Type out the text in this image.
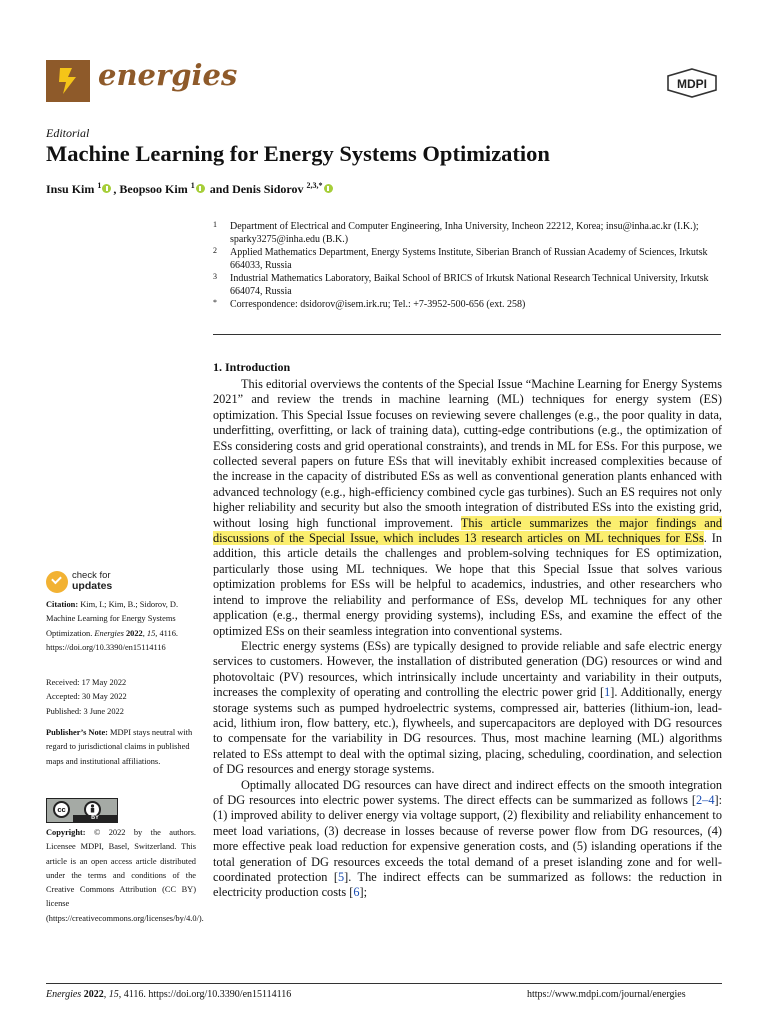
energies	MDPI
Editorial
Machine Learning for Energy Systems Optimization
Insu Kim $^1$ , Beopsoo Kim $^1$ and Denis Sidorov $^{2,3,*}$
1	Department of Electrical and Computer Engineering, Inha University, Incheon 22212, Korea; insu@inha.ac.kr (I.K.); sparky3275@inha.edu (B.K.)
2	Applied Mathematics Department, Energy Systems Institute, Siberian Branch of Russian Academy of Sciences, Irkutsk 664033, Russia
3	Industrial Mathematics Laboratory, Baikal School of BRICS of Irkutsk National Research Technical University, Irkutsk 664074, Russia
*	Correspondence: dsidorov@isem.irk.ru; Tel.: +7-3952-500-656 (ext. 258)
1. Introduction

This editorial overviews the contents of the Special Issue “Machine Learning for Energy Systems 2021” and review the trends in machine learning (ML) techniques for energy system (ES) optimization. This Special Issue focuses on reviewing severe challenges (e.g., the poor quality in data, underfitting, overfitting, or lack of training data), cutting-edge contributions (e.g., the optimization of ESs considering costs and grid operational constraints), and trends in ML for ESs. For this purpose, we collected several papers on future ESs that will inevitably exhibit increased complexities because of the increase in the capacity of distributed ESs as well as conventional generation plants enhanced with advanced technology (e.g., high-efficiency combined cycle gas turbines). Such an ES requires not only higher reliability and security but also the smooth integration of distributed ESs into the existing grid, without losing high functional improvement. This article summarizes the major findings and discussions of the Special Issue, which includes 13 research articles on ML techniques for ESs. In addition, this article details the challenges and problem-solving techniques for ES optimization, particularly those using ML techniques. We hope that this Special Issue that solves various optimization problems for ESs will be helpful to academics, industries, and other researchers who intend to improve the reliability and performance of ESs, develop ML techniques for any other application (e.g., thermal energy providing systems), including ESs, and examine the effect of the optimized ESs on their seamless integration into conventional systems.

Electric energy systems (ESs) are typically designed to provide reliable and safe electric energy services to customers. However, the installation of distributed generation (DG) resources or wind and photovoltaic (PV) resources, which intrinsically include uncertainty and variability in their outputs, increases the complexity of operating and controlling the electric power grid [1]. Additionally, energy storage systems such as pumped hydroelectric systems, compressed air, batteries (lithium-ion, lead-acid, lithium iron, flow battery, etc.), flywheels, and supercapacitors are deployed with DG resources to compensate for the variability in DG resources. Thus, most machine learning (ML) algorithms related to ESs attempt to deal with the optimal sizing, placing, scheduling, coordination, and selection of DG resources and energy storage systems.

Optimally allocated DG resources can have direct and indirect effects on the smooth integration of DG resources into electric power systems. The direct effects can be summarized as follows [2–4]: (1) improved ability to deliver energy via voltage support, (2) flexibility and reliability enhancement to meet load variations, (3) decrease in losses because of reverse power flow from DG resources, (4) more effective peak load reduction for expensive generation costs, and (5) islanding operations if the total generation of DG resources exceeds the total demand of a preset islanding zone and for well-coordinated protection [5]. The indirect effects can be summarized as follows: the reduction in electricity production costs [6];

check for
updates
Citation: Kim, I.; Kim, B.; Sidorov, D. Machine Learning for Energy Systems Optimization. Energies 2022, 15, 4116. https://doi.org/10.3390/en15114116
Received: 17 May 2022
Accepted: 30 May 2022
Published: 3 June 2022
Publisher’s Note: MDPI stays neutral with regard to jurisdictional claims in published maps and institutional affiliations.
cc
BY
Copyright: © 2022 by the authors. Licensee MDPI, Basel, Switzerland. This article is an open access article distributed under the terms and conditions of the Creative Commons Attribution (CC BY) license (https://creativecommons.org/licenses/by/4.0/).
Energies 2022, 15, 4116. https://doi.org/10.3390/en15114116	https://www.mdpi.com/journal/energies
